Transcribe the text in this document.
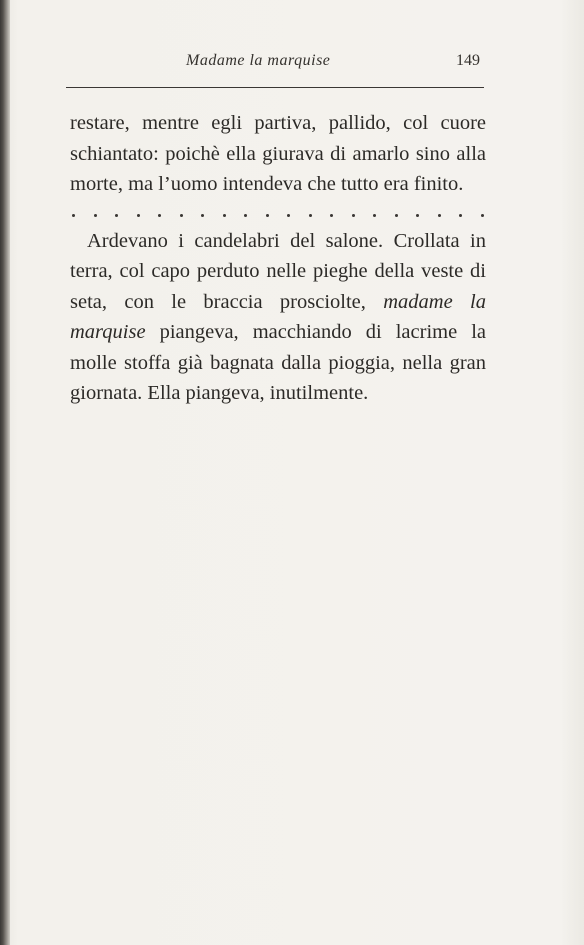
Madame la marquise	149

restare, mentre egli partiva, pallido, col cuore schiantato: poichè ella giurava di amarlo sino alla morte, ma l’uomo intendeva che tutto era finito.

Ardevano i candelabri del salone. Crollata in terra, col capo perduto nelle pieghe della veste di seta, con le braccia prosciolte, madame la marquise piangeva, macchiando di lacrime la molle stoffa già bagnata dalla pioggia, nella gran giornata. Ella piangeva, inutilmente.
